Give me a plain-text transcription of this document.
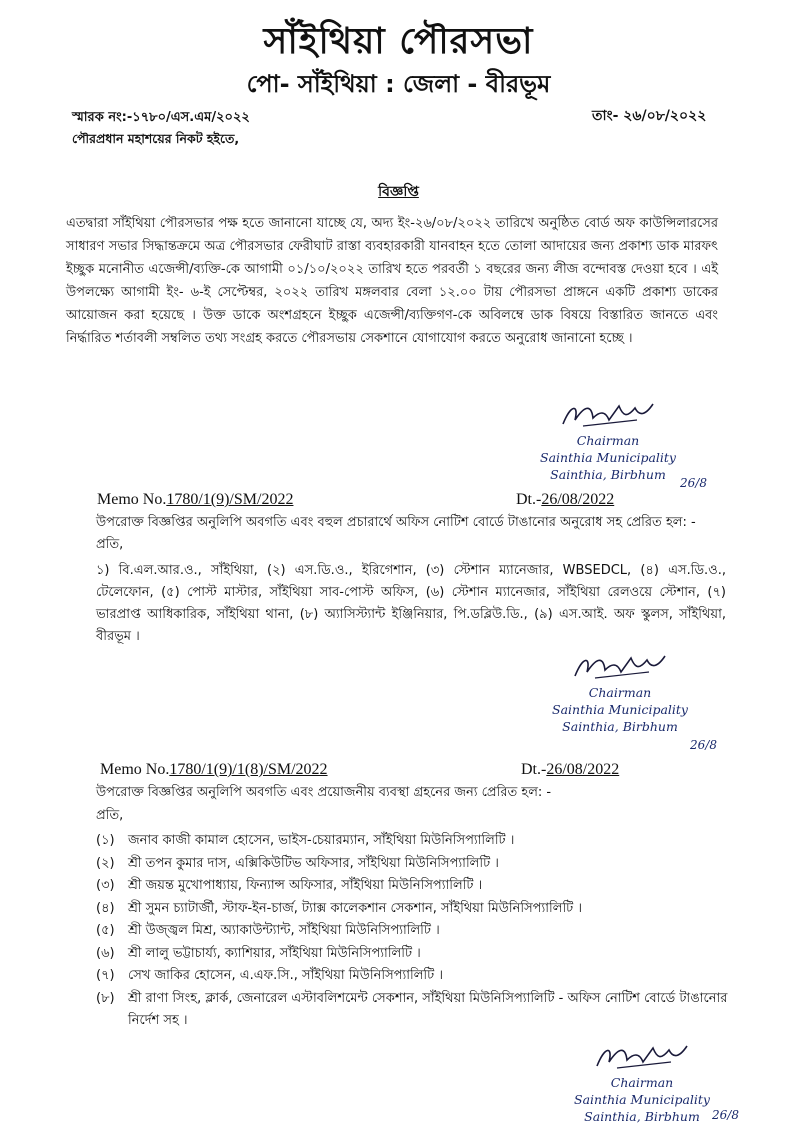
সাঁইথিয়া পৌরসভা
পো- সাঁইথিয়া : জেলা - বীরভূম
স্মারক নং:-১৭৮০/এস.এম/২০২২	তাং- ২৬/০৮/২০২২
পৌরপ্রধান মহাশয়ের নিকট হইতে,
বিজ্ঞপ্তি
এতদ্বারা সাঁইথিয়া পৌরসভার পক্ষ হতে জানানো যাচ্ছে যে, অদ্য ইং-২৬/০৮/২০২২ তারিখে অনুষ্ঠিত বোর্ড অফ কাউন্সিলারসের সাধারণ সভার সিদ্ধান্তক্রমে অত্র পৌরসভার ফেরীঘাট রাস্তা ব্যবহারকারী যানবাহন হতে তোলা আদায়ের জন্য প্রকাশ্য ডাক মারফৎ ইচ্ছুক মনোনীত এজেন্সী/ব্যক্তি-কে আগামী ০১/১০/২০২২ তারিখ হতে পরবর্তী ১ বছরের জন্য লীজ বন্দোবস্ত দেওয়া হবে । এই উপলক্ষ্যে আগামী ইং- ৬-ই সেপ্টেম্বর, ২০২২ তারিখ মঙ্গলবার বেলা ১২.০০ টায় পৌরসভা প্রাঙ্গনে একটি প্রকাশ্য ডাকের আয়োজন করা হয়েছে । উক্ত ডাকে অংশগ্রহনে ইচ্ছুক এজেন্সী/ব্যক্তিগণ-কে অবিলম্বে ডাক বিষয়ে বিস্তারিত জানতে এবং নির্দ্ধারিত শর্তাবলী সম্বলিত তথ্য সংগ্রহ করতে পৌরসভায় সেকশানে যোগাযোগ করতে অনুরোধ জানানো হচ্ছে ।
Chairman
Sainthia Municipality
Sainthia, Birbhum
26/8
Memo No.1780/1(9)/SM/2022	Dt.-26/08/2022
উপরোক্ত বিজ্ঞপ্তির অনুলিপি অবগতি এবং বহুল প্রচারার্থে অফিস নোটিশ বোর্ডে টাঙানোর অনুরোধ সহ প্রেরিত হল: - প্রতি,
১) বি.এল.আর.ও., সাঁইথিয়া, (২) এস.ডি.ও., ইরিগেশান, (৩) স্টেশান ম্যানেজার, WBSEDCL, (৪) এস.ডি.ও., টেলেফোন, (৫) পোস্ট মাস্টার, সাঁইথিয়া সাব-পোস্ট অফিস, (৬) স্টেশান ম্যানেজার, সাঁইথিয়া রেলওয়ে স্টেশান, (৭) ভারপ্রাপ্ত আধিকারিক, সাঁইথিয়া থানা, (৮) অ্যাসিস্ট্যান্ট ইঞ্জিনিয়ার, পি.ডব্লিউ.ডি., (৯) এস.আই. অফ স্কুলস, সাঁইথিয়া, বীরভূম ।
Chairman
Sainthia Municipality
Sainthia, Birbhum
26/8
Memo No.1780/1(9)/1(8)/SM/2022	Dt.-26/08/2022
উপরোক্ত বিজ্ঞপ্তির অনুলিপি অবগতি এবং প্রয়োজনীয় ব্যবস্থা গ্রহনের জন্য প্রেরিত হল: -
প্রতি,
(১)	জনাব কাজী কামাল হোসেন, ভাইস-চেয়ারম্যান, সাঁইথিয়া মিউনিসিপ্যালিটি ।
(২)	শ্রী তপন কুমার দাস, এক্সিকিউটিভ অফিসার, সাঁইথিয়া মিউনিসিপ্যালিটি ।
(৩)	শ্রী জয়ন্ত মুখোপাধ্যায়, ফিন্যান্স অফিসার, সাঁইথিয়া মিউনিসিপ্যালিটি ।
(৪)	শ্রী সুমন চ্যাটার্জী, স্টাফ-ইন-চার্জ, ট্যাক্স কালেকশান সেকশান, সাঁইথিয়া মিউনিসিপ্যালিটি ।
(৫)	শ্রী উজ্জ্বল মিশ্র, অ্যাকাউন্ট্যান্ট, সাঁইথিয়া মিউনিসিপ্যালিটি ।
(৬)	শ্রী লালু ভট্টাচার্য্য, ক্যাশিয়ার, সাঁইথিয়া মিউনিসিপ্যালিটি ।
(৭)	সেখ জাকির হোসেন, এ.এফ.সি., সাঁইথিয়া মিউনিসিপ্যালিটি ।
(৮)	শ্রী রাণা সিংহ, ক্লার্ক, জেনারেল এস্টাবলিশমেন্ট সেকশান, সাঁইথিয়া মিউনিসিপ্যালিটি - অফিস নোটিশ বোর্ডে টাঙানোর নির্দেশ সহ ।
Chairman
Sainthia Municipality
Sainthia, Birbhum	26/8
